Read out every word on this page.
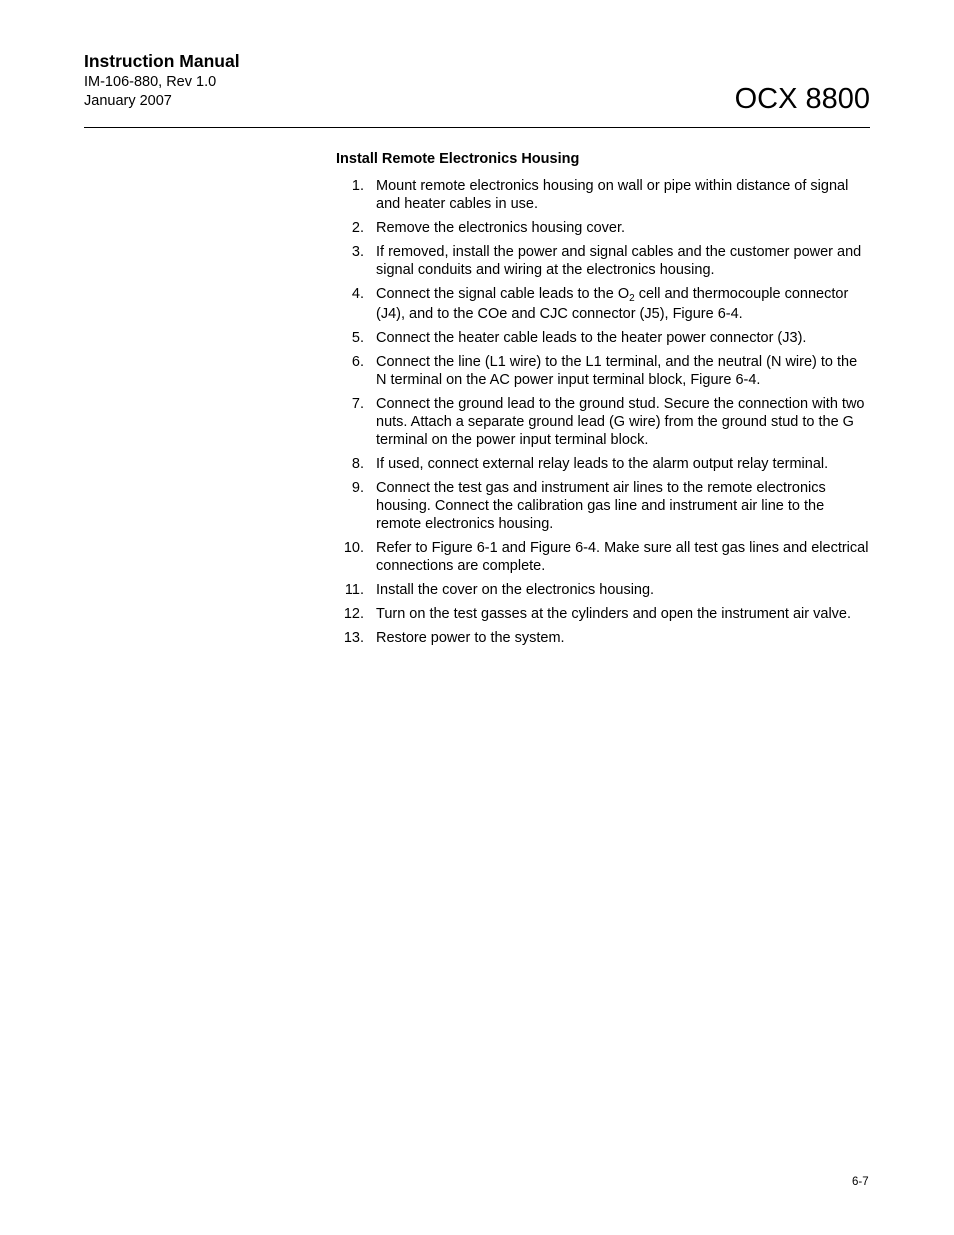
Instruction Manual
IM-106-880, Rev 1.0
January 2007	OCX 8800
Install Remote Electronics Housing
1. Mount remote electronics housing on wall or pipe within distance of signal and heater cables in use.
2. Remove the electronics housing cover.
3. If removed, install the power and signal cables and the customer power and signal conduits and wiring at the electronics housing.
4. Connect the signal cable leads to the $O_2$ cell and thermocouple connector (J4), and to the COe and CJC connector (J5), Figure 6-4.
5. Connect the heater cable leads to the heater power connector (J3).
6. Connect the line (L1 wire) to the L1 terminal, and the neutral (N wire) to the N terminal on the AC power input terminal block, Figure 6-4.
7. Connect the ground lead to the ground stud. Secure the connection with two nuts. Attach a separate ground lead (G wire) from the ground stud to the G terminal on the power input terminal block.
8. If used, connect external relay leads to the alarm output relay terminal.
9. Connect the test gas and instrument air lines to the remote electronics housing. Connect the calibration gas line and instrument air line to the remote electronics housing.
10. Refer to Figure 6-1 and Figure 6-4. Make sure all test gas lines and electrical connections are complete.
11. Install the cover on the electronics housing.
12. Turn on the test gasses at the cylinders and open the instrument air valve.
13. Restore power to the system.
6-7
